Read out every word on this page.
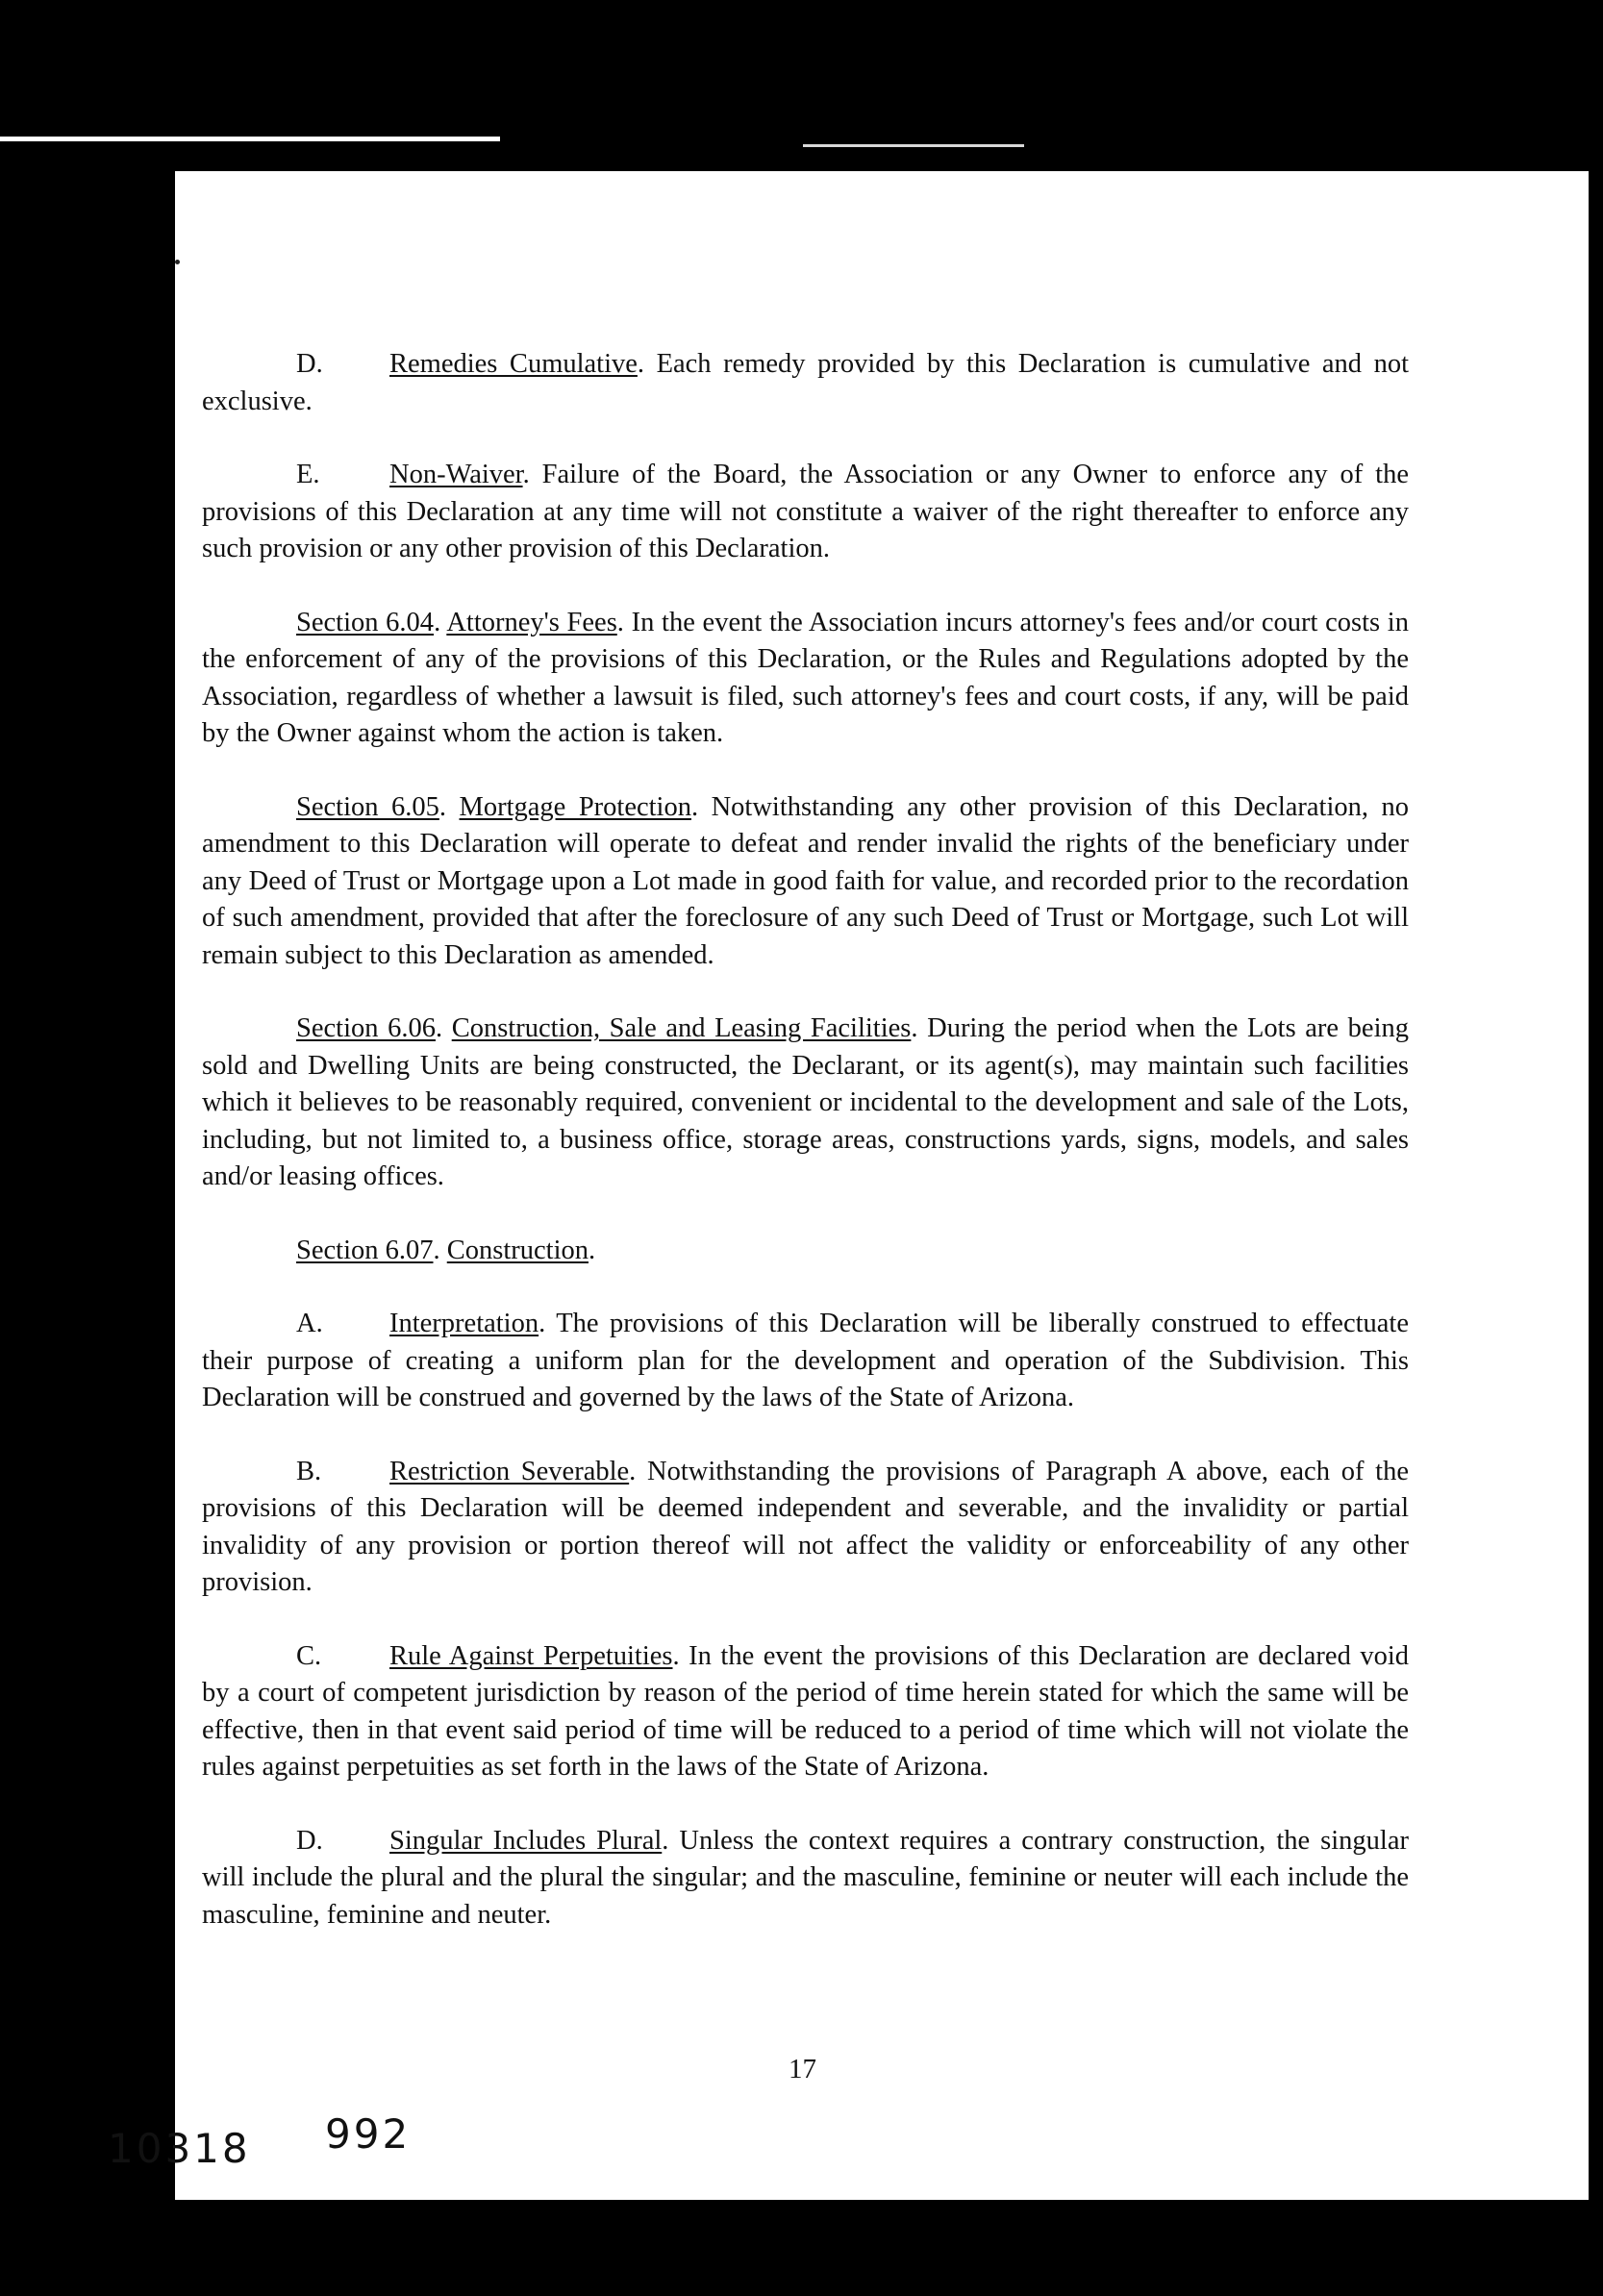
D. Remedies Cumulative. Each remedy provided by this Declaration is cumulative and not exclusive.

E.	Non-Waiver. Failure of the Board, the Association or any Owner to enforce any of the provisions of this Declaration at any time will not constitute a waiver of the right thereafter to enforce any such provision or any other provision of this Declaration.

Section 6.04. Attorney's Fees. In the event the Association incurs attorney's fees and/or court costs in the enforcement of any of the provisions of this Declaration, or the Rules and Regulations adopted by the Association, regardless of whether a lawsuit is filed, such attorney's fees and court costs, if any, will be paid by the Owner against whom the action is taken.

Section 6.05. Mortgage Protection. Notwithstanding any other provision of this Declaration, no amendment to this Declaration will operate to defeat and render invalid the rights of the beneficiary under any Deed of Trust or Mortgage upon a Lot made in good faith for value, and recorded prior to the recordation of such amendment, provided that after the foreclosure of any such Deed of Trust or Mortgage, such Lot will remain subject to this Declaration as amended.

Section 6.06. Construction, Sale and Leasing Facilities. During the period when the Lots are being sold and Dwelling Units are being constructed, the Declarant, or its agent(s), may maintain such facilities which it believes to be reasonably required, convenient or incidental to the development and sale of the Lots, including, but not limited to, a business office, storage areas, constructions yards, signs, models, and sales and/or leasing offices.

Section 6.07. Construction.

A. Interpretation. The provisions of this Declaration will be liberally construed to effectuate their purpose of creating a uniform plan for the development and operation of the Subdivision. This Declaration will be construed and governed by the laws of the State of Arizona.

B. Restriction Severable. Notwithstanding the provisions of Paragraph A above, each of the provisions of this Declaration will be deemed independent and severable, and the invalidity or partial invalidity of any provision or portion thereof will not affect the validity or enforceability of any other provision.

C. Rule Against Perpetuities. In the event the provisions of this Declaration are declared void by a court of competent jurisdiction by reason of the period of time herein stated for which the same will be effective, then in that event said period of time will be reduced to a period of time which will not violate the rules against perpetuities as set forth in the laws of the State of Arizona.

D. Singular Includes Plural. Unless the context requires a contrary construction, the singular will include the plural and the plural the singular; and the masculine, feminine or neuter will each include the masculine, feminine and neuter.

17
10318 992
